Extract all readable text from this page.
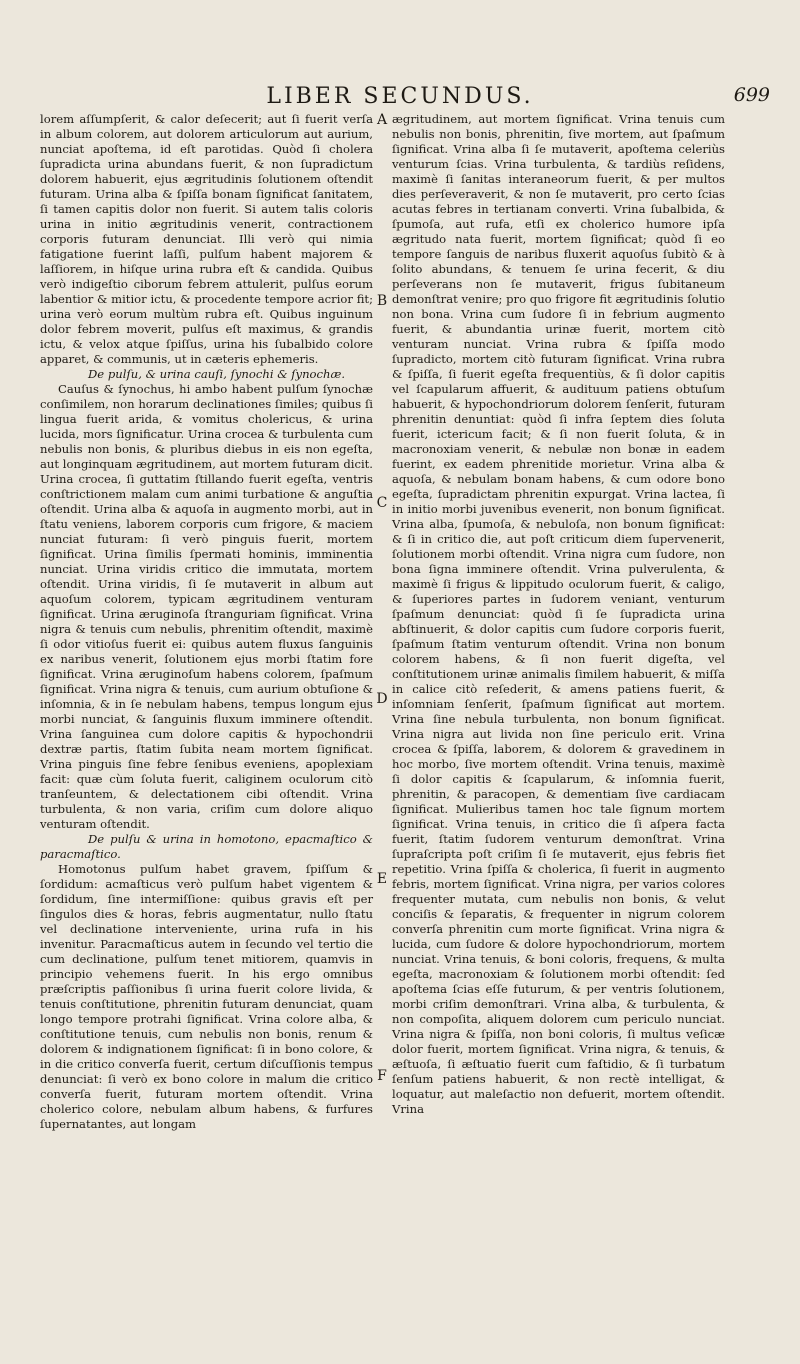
LIBER SECUNDUS.	699

lorem aſſumpſerit, & calor deſecerit; aut ſi fuerit verſa in album colorem, aut dolorem articulorum aut aurium, nunciat apoſtema, id eſt parotidas. Quòd ſi cholera ſupradicta urina abundans fuerit, & non ſupradictum dolorem habuerit, ejus ægritudinis ſolutionem oſtendit futuram. Urina alba & ſpiſſa bonam ſignificat ſanitatem, ſi tamen capitis dolor non fuerit. Si autem talis coloris urina in initio ægritudinis venerit, contractionem corporis futuram denunciat. Illi verò qui nimia fatigatione fuerint laſſi, pulſum habent majorem & laſſiorem, in hiſque urina rubra eſt & candida. Quibus verò indigeſtio ciborum febrem attulerit, pulſus eorum labentior & mitior ictu, & procedente tempore acrior fit; urina verò eorum multùm rubra eſt. Quibus inguinum dolor febrem moverit, pulſus eſt maximus, & grandis ictu, & velox atque ſpiſſus, urina his ſubalbido colore apparet, & communis, ut in cæteris ephemeris.

De pulſu, & urina cauſi, ſynochi & ſynochæ.

Cauſus & ſynochus, hi ambo habent pulſum ſynochæ conſimilem, non horarum declinationes ſimiles; quibus ſi lingua fuerit arida, & vomitus cholericus, & urina lucida, mors ſignificatur. Urina crocea & turbulenta cum nebulis non bonis, & pluribus diebus in eis non egeſta, aut longinquam ægritudinem, aut mortem futuram dicit. Urina crocea, ſi guttatim ſtillando fuerit egeſta, ventris conſtrictionem malam cum animi turbatione & anguſtia oſtendit. Urina alba & aquoſa in augmento morbi, aut in ſtatu veniens, laborem corporis cum frigore, & maciem nunciat futuram: ſi verò pinguis fuerit, mortem ſignificat. Urina ſimilis ſpermati hominis, imminentia nunciat. Urina viridis critico die immutata, mortem oſtendit. Urina viridis, ſi ſe mutaverit in album aut aquoſum colorem, typicam ægritudinem venturam ſignificat. Urina æruginoſa ſtranguriam ſignificat. Vrina nigra & tenuis cum nebulis, phrenitim oſtendit, maximè ſi odor vitioſus fuerit ei: quibus autem fluxus ſanguinis ex naribus venerit, ſolutionem ejus morbi ſtatim fore ſignificat. Vrina æruginoſum habens colorem, ſpaſmum ſignificat. Vrina nigra & tenuis, cum aurium obtuſione & inſomnia, & in ſe nebulam habens, tempus longum ejus morbi nunciat, & ſanguinis fluxum imminere oſtendit. Vrina ſanguinea cum dolore capitis & hypochondrii dextræ partis, ſtatim ſubita neam mortem ſignificat. Vrina pinguis ſine febre ſenibus eveniens, apoplexiam facit: quæ cùm ſoluta fuerit, caliginem oculorum citò tranſeuntem, & delectationem cibi oſtendit. Vrina turbulenta, & non varia, criſim cum dolore aliquo venturam oſtendit.

De pulſu & urina in homotono, epacmaſtico & paracmaſtico.

Homotonus pulſum habet gravem, ſpiſſum & ſordidum: acmaſticus verò pulſum habet vigentem & ſordidum, ſine intermiſſione: quibus gravis eſt per ſingulos dies & horas, febris augmentatur, nullo ſtatu vel declinatione interveniente, urina rufa in his invenitur. Paracmaſticus autem in ſecundo vel tertio die cum declinatione, pulſum tenet mitiorem, quamvis in principio vehemens fuerit. In his ergo omnibus præſcriptis paſſionibus ſi urina fuerit colore livida, & tenuis conſtitutione, phrenitin futuram denunciat, quam longo tempore protrahi ſignificat. Vrina colore alba, & conſtitutione tenuis, cum nebulis non bonis, renum & dolorem & indignationem ſignificat: ſi in bono colore, & in die critico converſa fuerit, certum diſcuſſionis tempus denunciat: ſi verò ex bono colore in malum die critico converſa fuerit, futuram mortem oſtendit. Vrina cholerico colore, nebulam album habens, & furfures ſupernatantes, aut longam

A
B
C
D
E
F

ægritudinem, aut mortem ſignificat. Vrina tenuis cum nebulis non bonis, phrenitin, ſive mortem, aut ſpaſmum ſignificat. Vrina alba ſi ſe mutaverit, apoſtema celeriùs venturum ſcias. Vrina turbulenta, & tardiùs reſidens, maximè ſi ſanitas interaneorum fuerit, & per multos dies perſeveraverit, & non ſe mutaverit, pro certo ſcias acutas febres in tertianam converti. Vrina ſubalbida, & ſpumoſa, aut rufa, etſi ex cholerico humore ipſa ægritudo nata fuerit, mortem ſignificat; quòd ſi eo tempore ſanguis de naribus fluxerit aquoſus ſubitò & à ſolito abundans, & tenuem ſe urina fecerit, & diu perſeverans non ſe mutaverit, frigus ſubitaneum demonſtrat venire; pro quo frigore fit ægritudinis ſolutio non bona. Vrina cum ſudore ſi in febrium augmento fuerit, & abundantia urinæ fuerit, mortem citò venturam nunciat. Vrina rubra & ſpiſſa modo ſupradicto, mortem citò futuram ſignificat. Vrina rubra & ſpiſſa, ſi fuerit egeſta frequentiùs, & ſi dolor capitis vel ſcapularum affuerit, & audituum patiens obtuſum habuerit, & hypochondriorum dolorem ſenſerit, futuram phrenitin denuntiat: quòd ſi infra ſeptem dies ſoluta fuerit, ictericum facit; & ſi non fuerit ſoluta, & in macronoxiam venerit, & nebulæ non bonæ in eadem fuerint, ex eadem phrenitide morietur. Vrina alba & aquoſa, & nebulam bonam habens, & cum odore bono egeſta, ſupradictam phrenitin expurgat. Vrina lactea, ſi in initio morbi juvenibus evenerit, non bonum ſignificat. Vrina alba, ſpumoſa, & nebuloſa, non bonum ſignificat: & ſi in critico die, aut poſt criticum diem ſupervenerit, ſolutionem morbi oſtendit. Vrina nigra cum ſudore, non bona ſigna imminere oſtendit. Vrina pulverulenta, & maximè ſi frigus & lippitudo oculorum fuerit, & caligo, & ſuperiores partes in ſudorem veniant, venturum ſpaſmum denunciat: quòd ſi ſe ſupradicta urina abſtinuerit, & dolor capitis cum ſudore corporis fuerit, ſpaſmum ſtatim venturum oſtendit. Vrina non bonum colorem habens, & ſi non fuerit digeſta, vel conſtitutionem urinæ animalis ſimilem habuerit, & miſſa in calice citò reſederit, & amens patiens fuerit, & inſomniam ſenſerit, ſpaſmum ſignificat aut mortem. Vrina ſine nebula turbulenta, non bonum ſignificat. Vrina nigra aut livida non ſine periculo erit. Vrina crocea & ſpiſſa, laborem, & dolorem & gravedinem in hoc morbo, ſive mortem oſtendit. Vrina tenuis, maximè ſi dolor capitis & ſcapularum, & inſomnia fuerit, phrenitin, & paracopen, & dementiam ſive cardiacam ſignificat. Mulieribus tamen hoc tale ſignum mortem ſignificat. Vrina tenuis, in critico die ſi aſpera facta fuerit, ſtatim ſudorem venturum demonſtrat. Vrina ſupraſcripta poſt criſim ſi ſe mutaverit, ejus febris fiet repetitio. Vrina ſpiſſa & cholerica, ſi fuerit in augmento febris, mortem ſignificat. Vrina nigra, per varios colores frequenter mutata, cum nebulis non bonis, & velut conciſis & ſeparatis, & frequenter in nigrum colorem converſa phrenitin cum morte ſignificat. Vrina nigra & lucida, cum ſudore & dolore hypochondriorum, mortem nunciat. Vrina tenuis, & boni coloris, frequens, & multa egeſta, macronoxiam & ſolutionem morbi oſtendit: ſed apoſtema ſcias eſſe futurum, & per ventris ſolutionem, morbi criſim demonſtrari. Vrina alba, & turbulenta, & non compoſita, aliquem dolorem cum periculo nunciat. Vrina nigra & ſpiſſa, non boni coloris, ſi multus veſicæ dolor fuerit, mortem ſignificat. Vrina nigra, & tenuis, & æſtuoſa, ſi æſtuatio fuerit cum faſtidio, & ſi turbatum ſenſum patiens habuerit, & non rectè intelligat, & loquatur, aut maleſactio non defuerit, mortem oſtendit. Vrina
